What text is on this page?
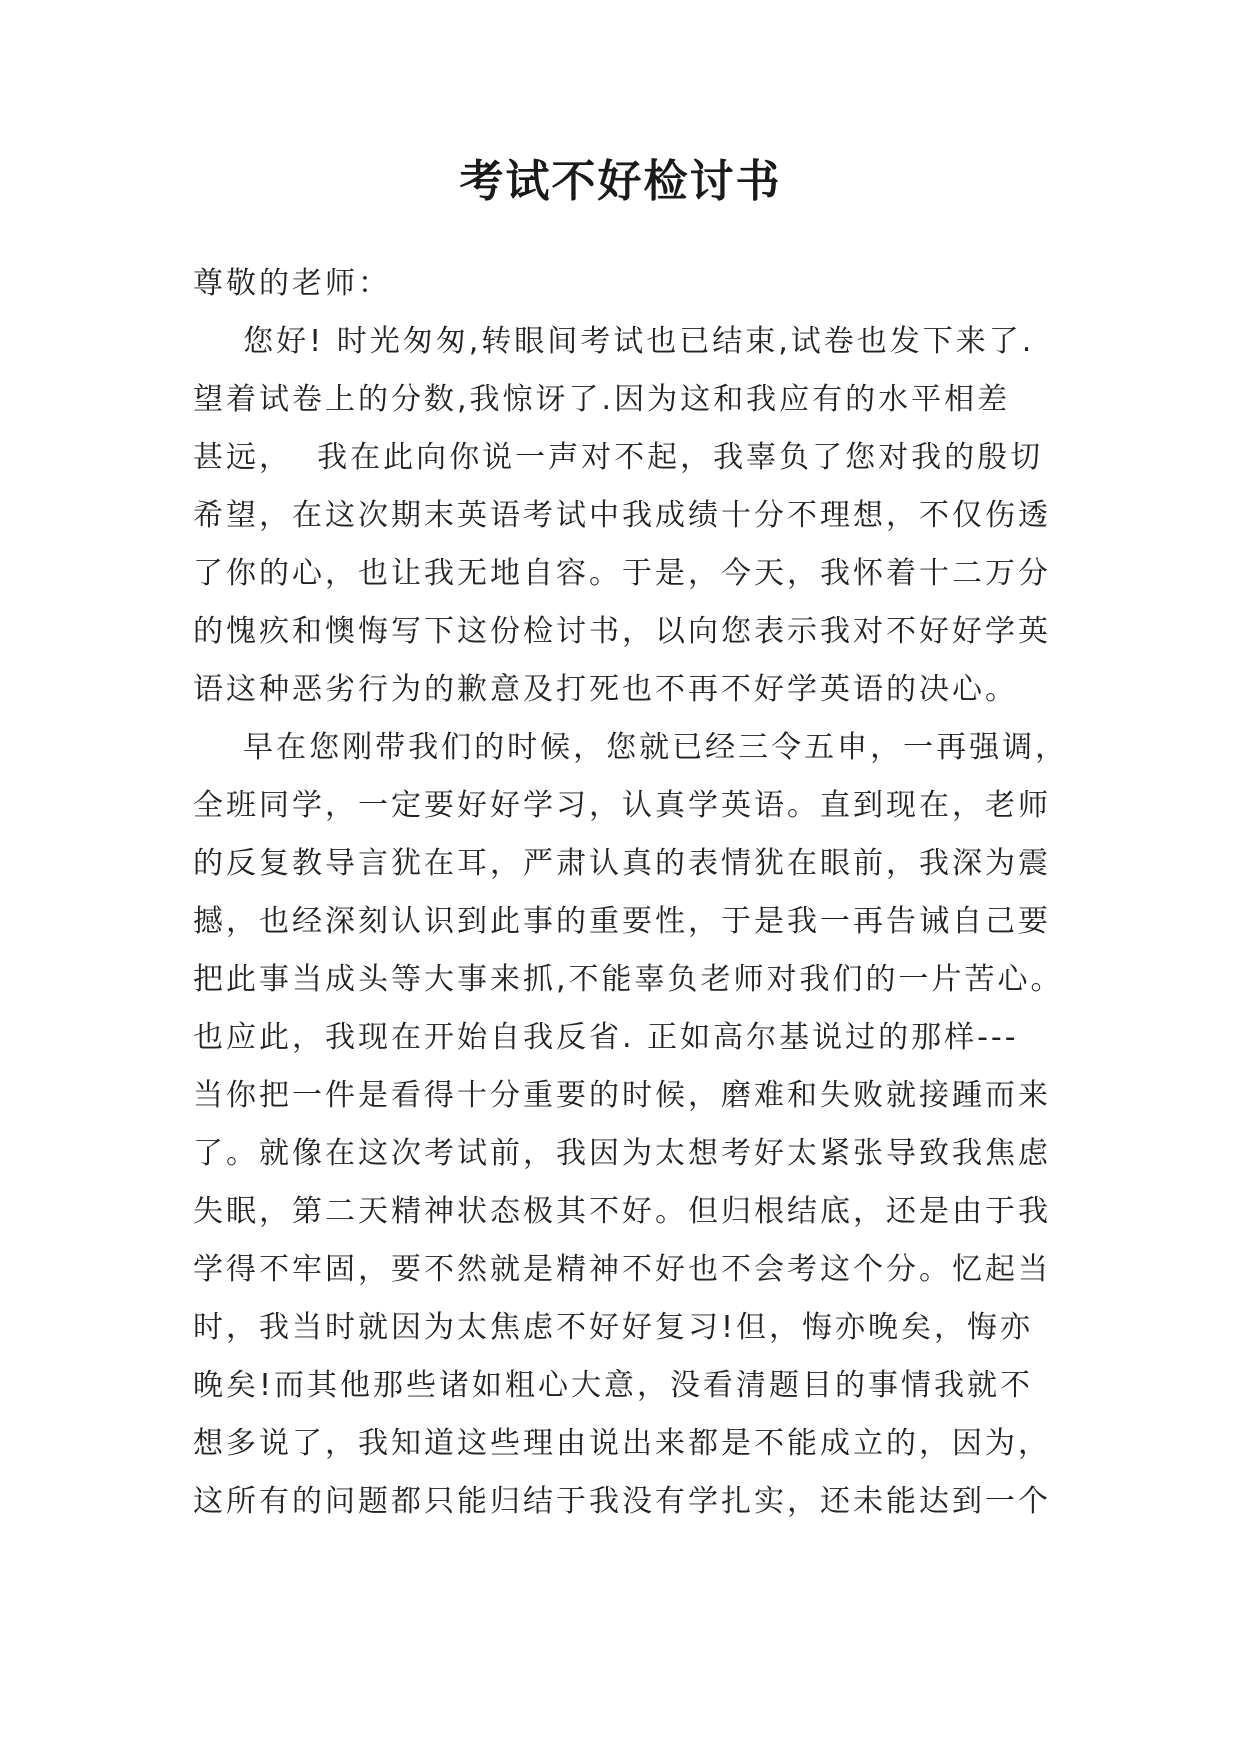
考试不好检讨书

尊敬的老师：

您好! 时光匆匆,转眼间考试也已结束,试卷也发下来了.

望着试卷上的分数,我惊讶了.因为这和我应有的水平相差

甚远，  我在此向你说一声对不起，我辜负了您对我的殷切

希望，在这次期末英语考试中我成绩十分不理想，不仅伤透

了你的心，也让我无地自容。于是，今天，我怀着十二万分

的愧疚和懊悔写下这份检讨书，以向您表示我对不好好学英

语这种恶劣行为的歉意及打死也不再不好学英语的决心。

早在您刚带我们的时候，您就已经三令五申，一再强调，

全班同学，一定要好好学习，认真学英语。直到现在，老师

的反复教导言犹在耳，严肃认真的表情犹在眼前，我深为震

撼，也经深刻认识到此事的重要性，于是我一再告诫自己要

把此事当成头等大事来抓,不能辜负老师对我们的一片苦心。

也应此，我现在开始自我反省. 正如高尔基说过的那样---

当你把一件是看得十分重要的时候，磨难和失败就接踵而来

了。就像在这次考试前，我因为太想考好太紧张导致我焦虑

失眠，第二天精神状态极其不好。但归根结底，还是由于我

学得不牢固，要不然就是精神不好也不会考这个分。忆起当

时，我当时就因为太焦虑不好好复习!但，悔亦晚矣，悔亦

晚矣!而其他那些诸如粗心大意，没看清题目的事情我就不

想多说了，我知道这些理由说出来都是不能成立的，因为，

这所有的问题都只能归结于我没有学扎实，还未能达到一个
